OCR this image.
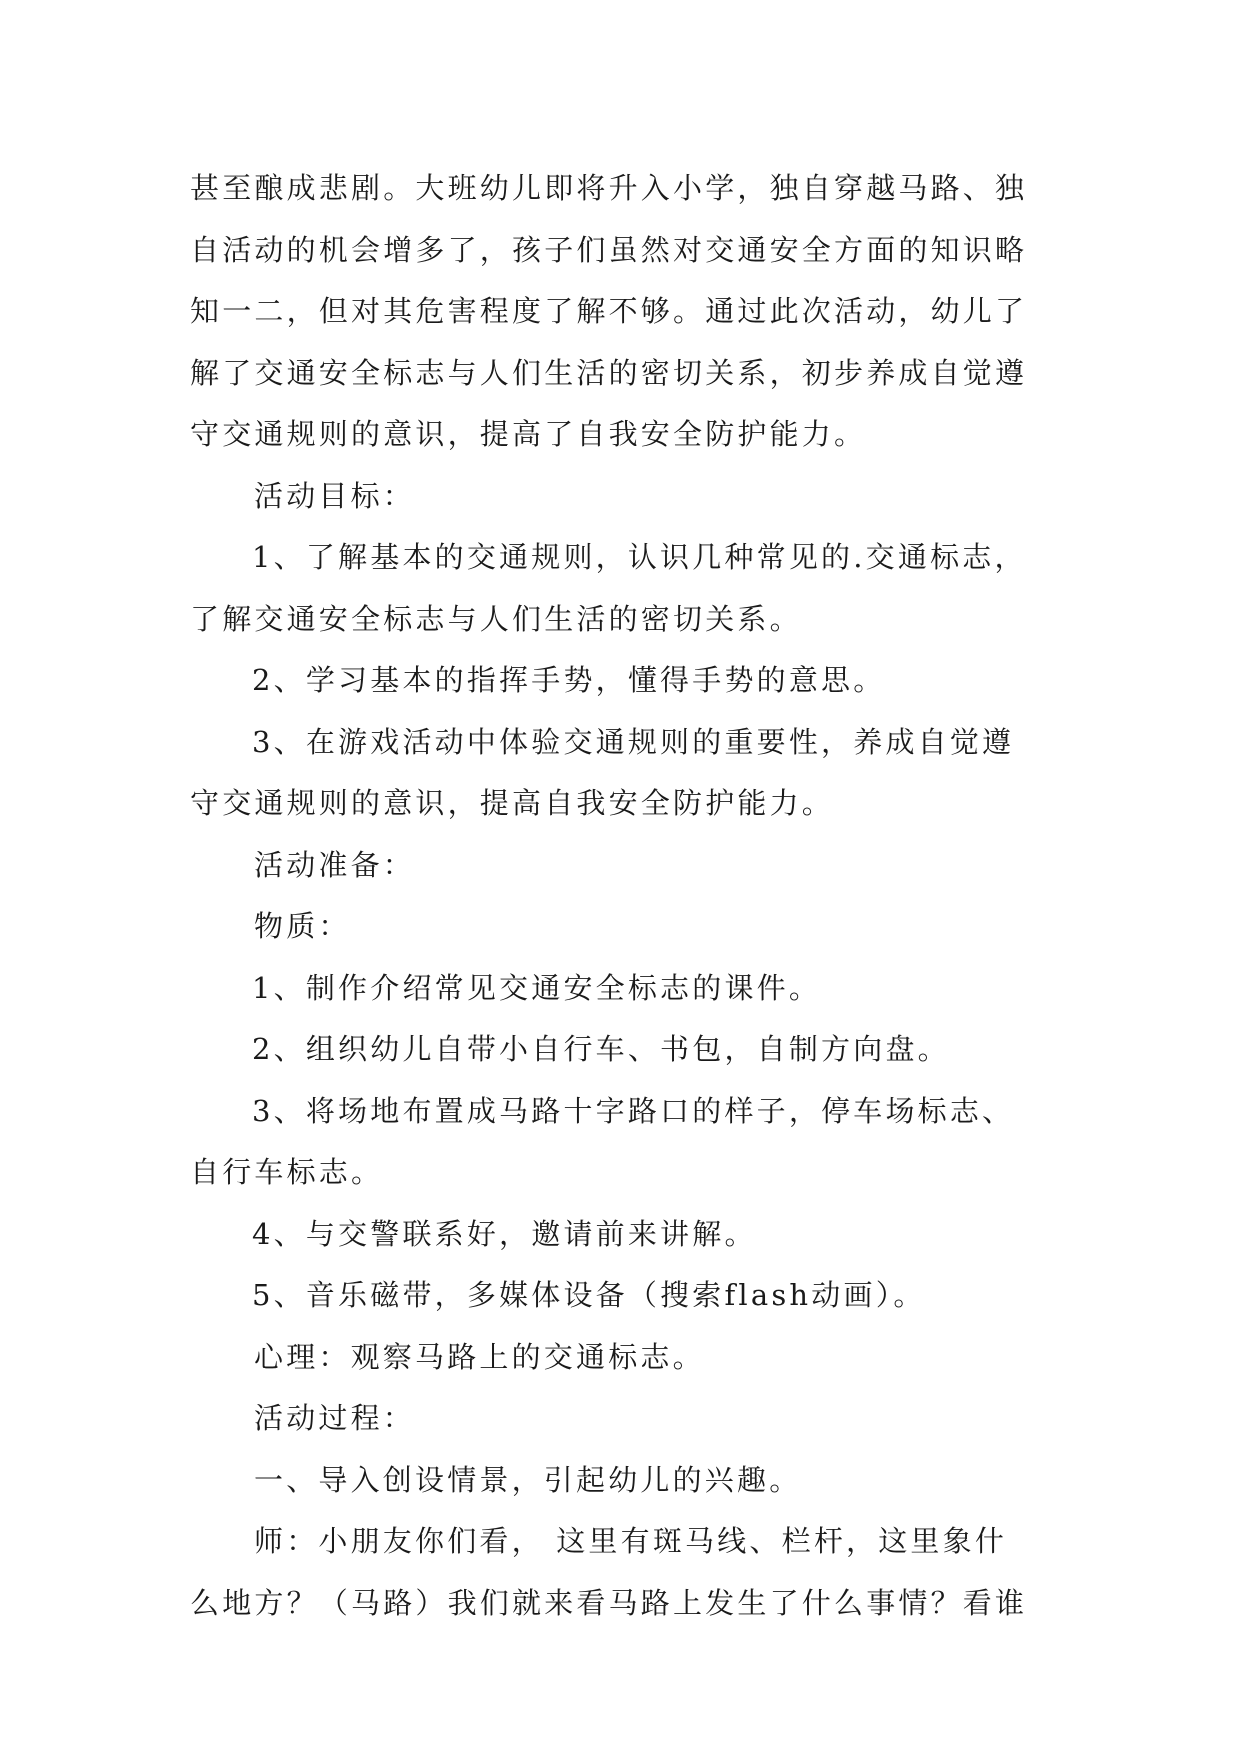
甚至酿成悲剧。大班幼儿即将升入小学，独自穿越马路、独
自活动的机会增多了，孩子们虽然对交通安全方面的知识略
知一二，但对其危害程度了解不够。通过此次活动，幼儿了
解了交通安全标志与人们生活的密切关系，初步养成自觉遵
守交通规则的意识，提高了自我安全防护能力。
活动目标：
1、了解基本的交通规则，认识几种常见的.交通标志，
了解交通安全标志与人们生活的密切关系。
2、学习基本的指挥手势，懂得手势的意思。
3、在游戏活动中体验交通规则的重要性，养成自觉遵
守交通规则的意识，提高自我安全防护能力。
活动准备：
物质：
1、制作介绍常见交通安全标志的课件。
2、组织幼儿自带小自行车、书包，自制方向盘。
3、将场地布置成马路十字路口的样子，停车场标志、
自行车标志。
4、与交警联系好，邀请前来讲解。
5、音乐磁带，多媒体设备（搜索flash动画）。
心理：观察马路上的交通标志。
活动过程：
一、导入创设情景，引起幼儿的兴趣。
师：小朋友你们看， 这里有斑马线、栏杆，这里象什
么地方？（马路）我们就来看马路上发生了什么事情？看谁
